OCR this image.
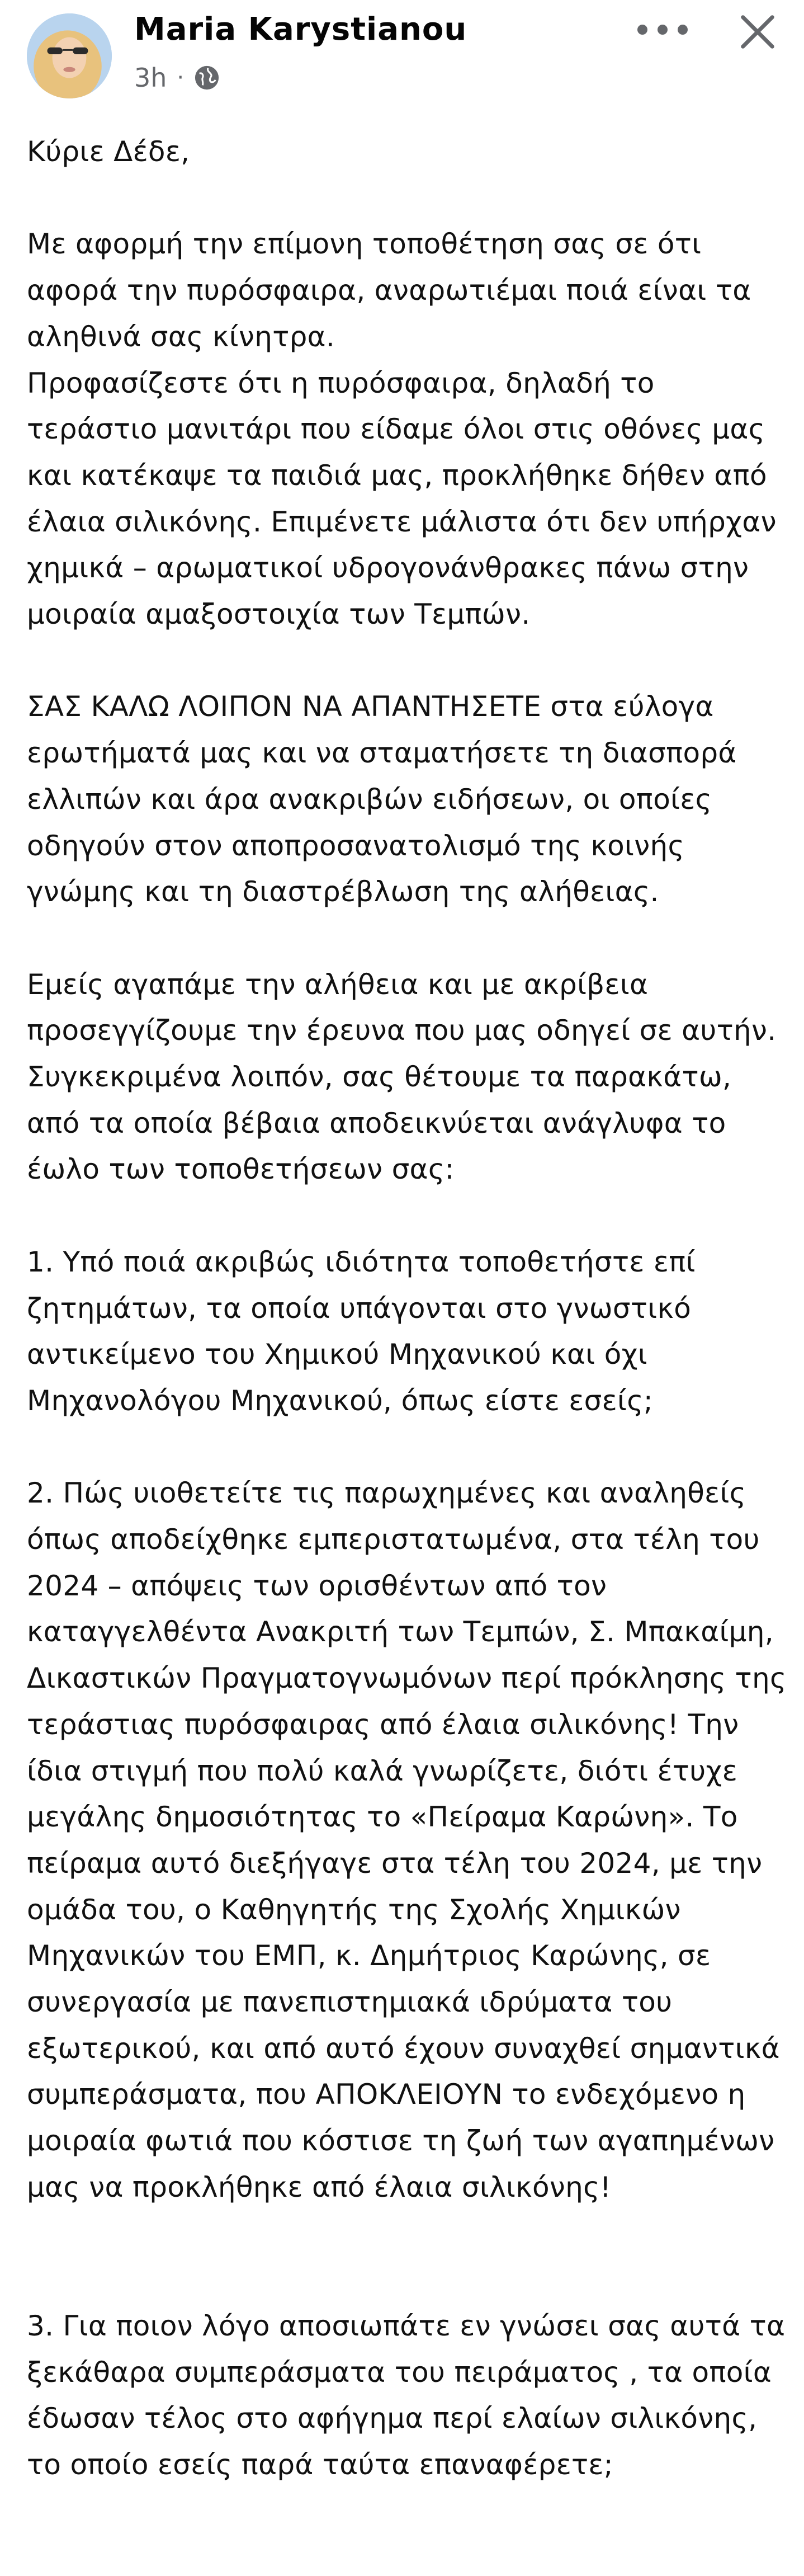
Maria Karystianou
3h ·

Κύριε Δέδε,

Με αφορμή την επίμονη τοποθέτηση σας σε ότι αφορά την πυρόσφαιρα, αναρωτιέμαι ποιά είναι τα αληθινά σας κίνητρα.
Προφασίζεστε ότι η πυρόσφαιρα, δηλαδή το τεράστιο μανιτάρι που είδαμε όλοι στις οθόνες μας και κατέκαψε τα παιδιά μας, προκλήθηκε δήθεν από έλαια σιλικόνης. Επιμένετε μάλιστα ότι δεν υπήρχαν χημικά – αρωματικοί υδρογονάνθρακες πάνω στην μοιραία αμαξοστοιχία των Τεμπών.

ΣΑΣ ΚΑΛΩ ΛΟΙΠΟΝ ΝΑ ΑΠΑΝΤΗΣΕΤΕ στα εύλογα ερωτήματά μας και να σταματήσετε τη διασπορά ελλιπών και άρα ανακριβών ειδήσεων, οι οποίες οδηγούν στον αποπροσανατολισμό της κοινής γνώμης και τη διαστρέβλωση της αλήθειας.

Εμείς αγαπάμε την αλήθεια και με ακρίβεια προσεγγίζουμε την έρευνα που μας οδηγεί σε αυτήν. Συγκεκριμένα λοιπόν, σας θέτουμε τα παρακάτω, από τα οποία βέβαια αποδεικνύεται ανάγλυφα το έωλο των τοποθετήσεων σας:

1. Υπό ποιά ακριβώς ιδιότητα τοποθετήστε επί ζητημάτων, τα οποία υπάγονται στο γνωστικό αντικείμενο του Χημικού Μηχανικού και όχι Μηχανολόγου Μηχανικού, όπως είστε εσείς;

2. Πώς υιοθετείτε τις παρωχημένες και αναληθείς όπως αποδείχθηκε εμπεριστατωμένα, στα τέλη του 2024 – απόψεις των ορισθέντων από τον καταγγελθέντα Ανακριτή των Τεμπών, Σ. Μπακαίμη, Δικαστικών Πραγματογνωμόνων περί πρόκλησης της τεράστιας πυρόσφαιρας από έλαια σιλικόνης! Την ίδια στιγμή που πολύ καλά γνωρίζετε, διότι έτυχε μεγάλης δημοσιότητας το «Πείραμα Καρώνη». Το πείραμα αυτό διεξήγαγε στα τέλη του 2024, με την ομάδα του, ο Καθηγητής της Σχολής Χημικών Μηχανικών του ΕΜΠ, κ. Δημήτριος Καρώνης, σε συνεργασία με πανεπιστημιακά ιδρύματα του εξωτερικού, και από αυτό έχουν συναχθεί σημαντικά συμπεράσματα, που ΑΠΟΚΛΕΙΟΥΝ το ενδεχόμενο η μοιραία φωτιά που κόστισε τη ζωή των αγαπημένων μας να προκλήθηκε από έλαια σιλικόνης!

3. Για ποιον λόγο αποσιωπάτε εν γνώσει σας αυτά τα ξεκάθαρα συμπεράσματα του πειράματος , τα οποία έδωσαν τέλος στο αφήγημα περί ελαίων σιλικόνης, το οποίο εσείς παρά ταύτα επαναφέρετε;
